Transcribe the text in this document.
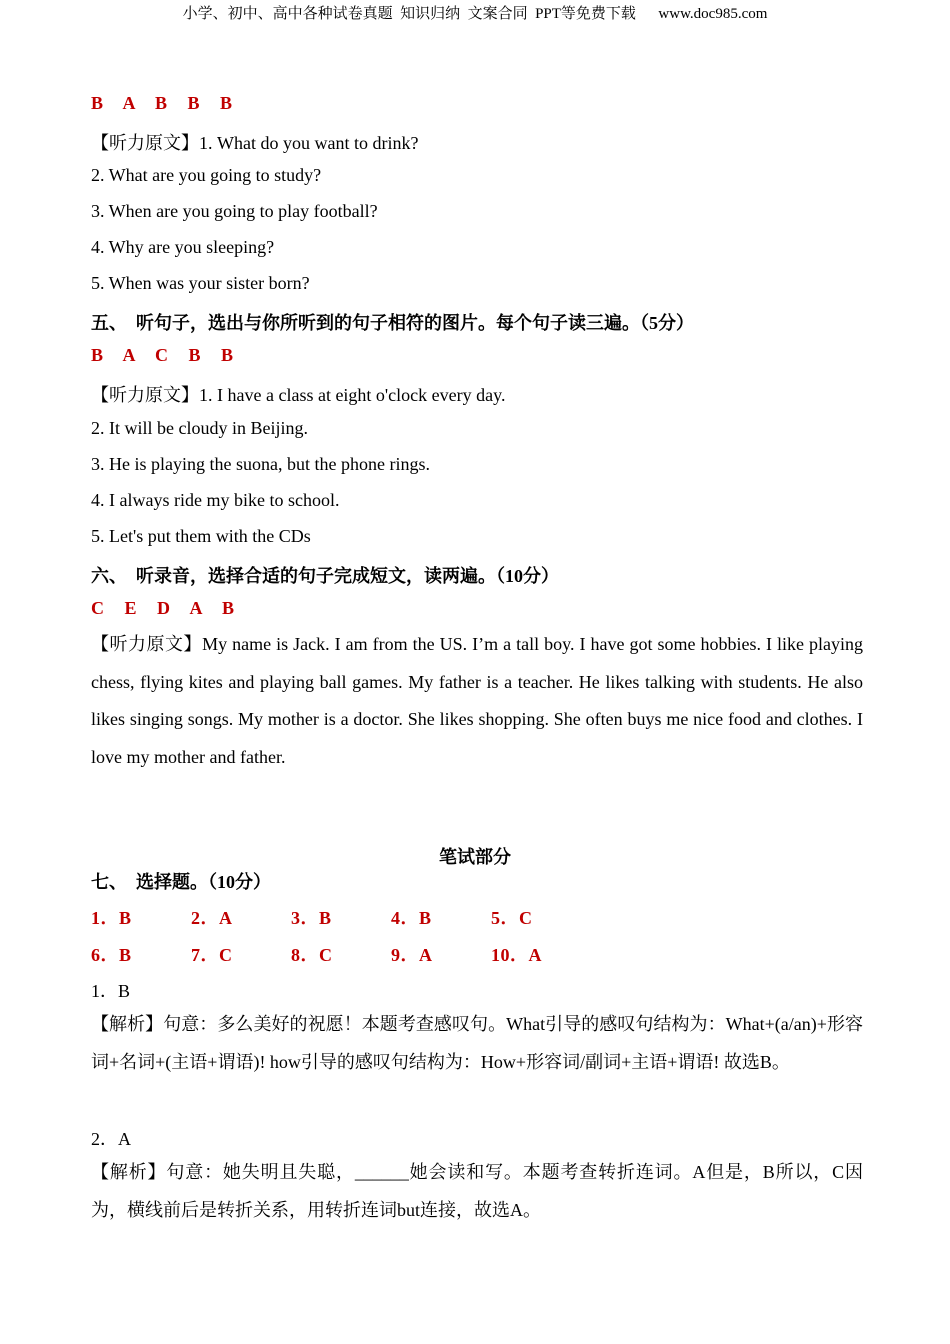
小学、初中、高中各种试卷真题  知识归纳  文案合同  PPT等免费下载      www.doc985.com
B    A    B    B    B
【听力原文】1. What do you want to drink?
2. What are you going to study?
3. When are you going to play football?
4. Why are you sleeping?
5. When was your sister born?
五、  听句子，选出与你所听到的句子相符的图片。每个句子读三遍。（5分）
B    A    C    B    B
【听力原文】1. I have a class at eight o'clock every day.
2. It will be cloudy in Beijing.
3. He is playing the suona, but the phone rings.
4. I always ride my bike to school.
5. Let's put them with the CDs
六、  听录音，选择合适的句子完成短文，读两遍。（10分）
C    E    D    A    B
【听力原文】My name is Jack. I am from the US. I’m a tall boy. I have got some hobbies. I like playing chess, flying kites and playing ball games. My father is a teacher. He likes talking with students. He also likes singing songs. My mother is a doctor. She likes shopping. She often buys me nice food and clothes. I love my mother and father.
笔试部分
七、  选择题。（10分）
1．B	2．A	3．B	4．B	5．C
6．B	7．C	8．C	9．A	10．A
1．B
【解析】句意：多么美好的祝愿！本题考查感叹句。What引导的感叹句结构为：What+(a/an)+形容词+名词+(主语+谓语)! how引导的感叹句结构为：How+形容词/副词+主语+谓语! 故选B。
2．A
【解析】句意：她失明且失聪，______她会读和写。本题考查转折连词。A但是，B所以，C因为，横线前后是转折关系，用转折连词but连接，故选A。
